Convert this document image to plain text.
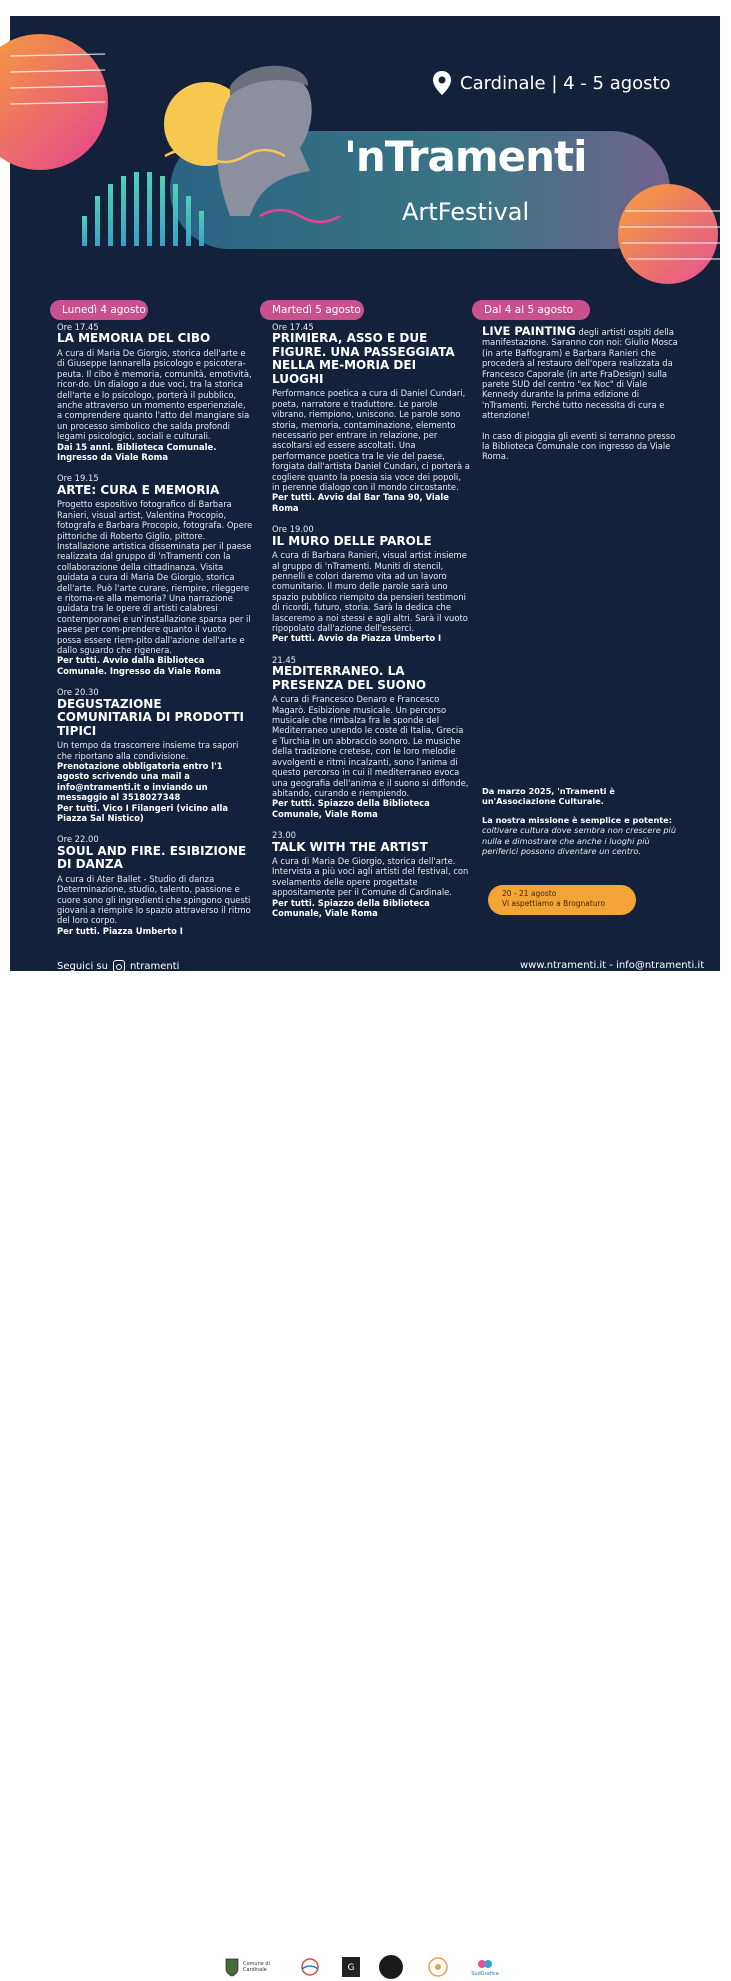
Cardinale | 4 - 5 agosto
'nTramenti
ArtFestival
Lunedì 4 agosto	Martedì 5 agosto	Dal 4 al 5 agosto
Ore 17.45
LA MEMORIA DEL CIBO

A cura di Maria De Giorgio, storica dell'arte e di Giuseppe Iannarella psicologo e psicotera-peuta. Il cibo è memoria, comunità, emotività, ricor-do. Un dialogo a due voci, tra la storica dell'arte e lo psicologo, porterà il pubblico, anche attraverso un momento esperienziale, a comprendere quanto l'atto del mangiare sia un processo simbolico che salda profondi legami psicologici, sociali e culturali.

Dai 15 anni. Biblioteca Comunale. Ingresso da Viale Roma

Ore 19.15
ARTE: CURA E MEMORIA

Progetto espositivo fotografico di Barbara Ranieri, visual artist, Valentina Procopio, fotografa e Barbara Procopio, fotografa. Opere pittoriche di Roberto Giglio, pittore. Installazione artistica disseminata per il paese realizzata dal gruppo di 'nTramenti con la collaborazione della cittadinanza. Visita guidata a cura di Maria De Giorgio, storica dell'arte. Può l'arte curare, riempire, rileggere e ritorna-re alla memoria? Una narrazione guidata tra le opere di artisti calabresi contemporanei e un'installazione sparsa per il paese per com-prendere quanto il vuoto possa essere riem-pito dall'azione dell'arte e dallo sguardo che rigenera.

Per tutti. Avvio dalla Biblioteca Comunale. Ingresso da Viale Roma

Ore 20.30
DEGUSTAZIONE COMUNITARIA DI PRODOTTI TIPICI

Un tempo da trascorrere insieme tra sapori che riportano alla condivisione.

Prenotazione obbligatoria entro l'1 agosto scrivendo una mail a info@ntramenti.it o inviando un messaggio al 3518027348

Per tutti. Vico I Filangeri (vicino alla Piazza Sal Nistico)

Ore 22.00
SOUL AND FIRE. ESIBIZIONE DI DANZA

A cura di Ater Ballet - Studio di danza Determinazione, studio, talento, passione e cuore sono gli ingredienti che spingono questi giovani a riempire lo spazio attraverso il ritmo del loro corpo.

Per tutti. Piazza Umberto I

Ore 17.45
PRIMIERA, ASSO E DUE FIGURE. UNA PASSEGGIATA NELLA ME-MORIA DEI LUOGHI

Performance poetica a cura di Daniel Cundari, poeta, narratore e traduttore. Le parole vibrano, riempiono, uniscono. Le parole sono storia, memoria, contaminazione, elemento necessario per entrare in relazione, per ascoltarsi ed essere ascoltati. Una performance poetica tra le vie del paese, forgiata dall'artista Daniel Cundari, ci porterà a cogliere quanto la poesia sia voce dei popoli, in perenne dialogo con il mondo circostante.

Per tutti. Avvio dal Bar Tana 90, Viale Roma

Ore 19.00
IL MURO DELLE PAROLE

A cura di Barbara Ranieri, visual artist insieme al gruppo di 'nTramenti. Muniti di stencil, pennelli e colori daremo vita ad un lavoro comunitario. Il muro delle parole sarà uno spazio pubblico riempito da pensieri testimoni di ricordi, futuro, storia. Sarà la dedica che lasceremo a noi stessi e agli altri. Sarà il vuoto ripopolato dall'azione dell'esserci.

Per tutti. Avvio da Piazza Umberto I

21.45
MEDITERRANEO. LA PRESENZA DEL SUONO

A cura di Francesco Denaro e Francesco Magarò. Esibizione musicale. Un percorso musicale che rimbalza fra le sponde del Mediterraneo unendo le coste di Italia, Grecia e Turchia in un abbraccio sonoro. Le musiche della tradizione cretese, con le loro melodie avvolgenti e ritmi incalzanti, sono l'anima di questo percorso in cui il mediterraneo evoca una geografia dell'anima e il suono si diffonde, abitando, curando e riempiendo.

Per tutti. Spiazzo della Biblioteca Comunale, Viale Roma

23.00
TALK WITH THE ARTIST

A cura di Maria De Giorgio, storica dell'arte. Intervista a più voci agli artisti del festival, con svelamento delle opere progettate appositamente per il Comune di Cardinale.

Per tutti. Spiazzo della Biblioteca Comunale, Viale Roma

LIVE PAINTING degli artisti ospiti della manifestazione. Saranno con noi: Giulio Mosca (in arte Baffogram) e Barbara Ranieri che procederà al restauro dell'opera realizzata da Francesco Caporale (in arte FraDesign) sulla parete SUD del centro "ex Noc" di Viale Kennedy durante la prima edizione di 'nTramenti. Perché tutto necessita di cura e attenzione!

In caso di pioggia gli eventi si terranno presso la Biblioteca Comunale con ingresso da Viale Roma.

Da marzo 2025, 'nTramenti è un'Associazione Culturale.

La nostra missione è semplice e potente:

coltivare cultura dove sembra non crescere più nulla e dimostrare che anche i luoghi più periferici possono diventare un centro.

20 - 21 agosto
Vi aspettiamo a Brognaturo
Seguici su ntramenti	www.ntramenti.it - info@ntramenti.it
Comune di Cardinale	G
SudGrafica
